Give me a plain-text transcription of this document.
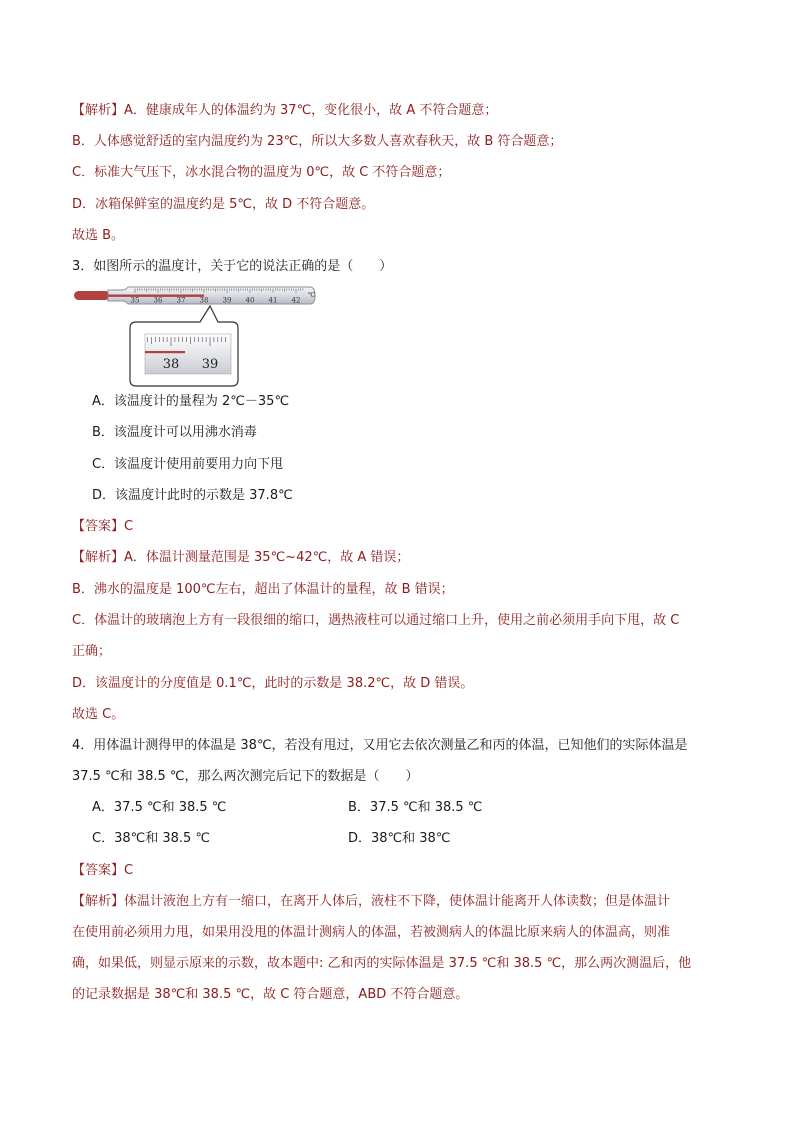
【解析】A．健康成年人的体温约为 37℃，变化很小，故 A 不符合题意；
B．人体感觉舒适的室内温度约为 23℃，所以大多数人喜欢春秋天，故 B 符合题意；
C．标准大气压下，冰水混合物的温度为 0℃，故 C 不符合题意；
D．冰箱保鲜室的温度约是 5℃，故 D 不符合题意。
故选 B。
3．如图所示的温度计，关于它的说法正确的是（　　）
35 36 37 38 39 40 41 42
℃
38 39
A．该温度计的量程为 2℃－35℃
B．该温度计可以用沸水消毒
C．该温度计使用前要用力向下甩
D．该温度计此时的示数是 37.8℃
【答案】C
【解析】A．体温计测量范围是 35℃~42℃，故 A 错误；
B．沸水的温度是 100℃左右，超出了体温计的量程，故 B 错误；
C．体温计的玻璃泡上方有一段很细的缩口，遇热液柱可以通过缩口上升，使用之前必须用手向下甩，故 C
正确；
D．该温度计的分度值是 0.1℃，此时的示数是 38.2℃，故 D 错误。
故选 C。
4．用体温计测得甲的体温是 38℃，若没有甩过，又用它去依次测量乙和丙的体温，已知他们的实际体温是
37.5 ℃和 38.5 ℃，那么两次测完后记下的数据是（　　）
A．37.5 ℃和 38.5 ℃	B．37.5 ℃和 38.5 ℃
C．38℃和 38.5 ℃	D．38℃和 38℃
【答案】C
【解析】体温计液泡上方有一缩口，在离开人体后，液柱不下降，使体温计能离开人体读数；但是体温计
在使用前必须用力甩，如果用没甩的体温计测病人的体温，若被测病人的体温比原来病人的体温高，则准
确，如果低，则显示原来的示数，故本题中: 乙和丙的实际体温是 37.5 ℃和 38.5 ℃，那么两次测温后，他
的记录数据是 38℃和 38.5 ℃，故 C 符合题意，ABD 不符合题意。
